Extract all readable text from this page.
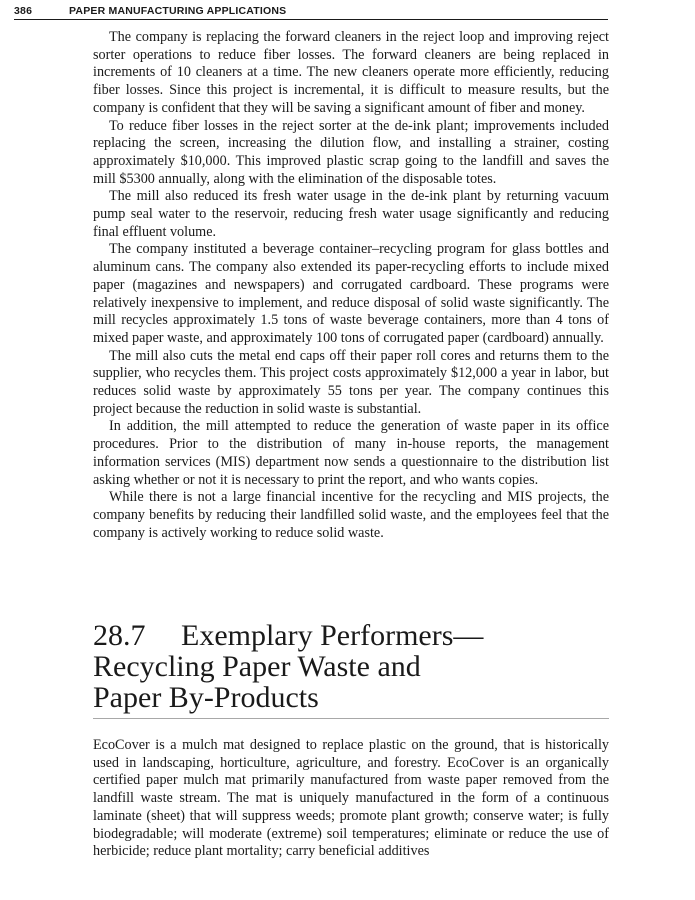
386	PAPER MANUFACTURING APPLICATIONS

The company is replacing the forward cleaners in the reject loop and improving reject sorter operations to reduce fiber losses. The forward cleaners are being replaced in increments of 10 cleaners at a time. The new cleaners operate more efficiently, reducing fiber losses. Since this project is incremental, it is difficult to measure results, but the company is confident that they will be saving a significant amount of fiber and money.

To reduce fiber losses in the reject sorter at the de-ink plant; improvements included replacing the screen, increasing the dilution flow, and installing a strainer, costing approximately $10,000. This improved plastic scrap going to the landfill and saves the mill $5300 annually, along with the elimination of the disposable totes.

The mill also reduced its fresh water usage in the de-ink plant by returning vacuum pump seal water to the reservoir, reducing fresh water usage significantly and reducing final effluent volume.

The company instituted a beverage container–recycling program for glass bottles and aluminum cans. The company also extended its paper-recycling efforts to include mixed paper (magazines and newspapers) and corrugated cardboard. These programs were relatively inexpensive to implement, and reduce disposal of solid waste significantly. The mill recycles approximately 1.5 tons of waste beverage containers, more than 4 tons of mixed paper waste, and approximately 100 tons of corrugated paper (cardboard) annually.

The mill also cuts the metal end caps off their paper roll cores and returns them to the supplier, who recycles them. This project costs approximately $12,000 a year in labor, but reduces solid waste by approximately 55 tons per year. The company continues this project because the reduction in solid waste is substantial.

In addition, the mill attempted to reduce the generation of waste paper in its office procedures. Prior to the distribution of many in-house reports, the management information services (MIS) department now sends a questionnaire to the distribution list asking whether or not it is necessary to print the report, and who wants copies.

While there is not a large financial incentive for the recycling and MIS projects, the company benefits by reducing their landfilled solid waste, and the employees feel that the company is actively working to reduce solid waste.

28.7 Exemplary Performers—
Recycling Paper Waste and
Paper By-Products

EcoCover is a mulch mat designed to replace plastic on the ground, that is historically used in landscaping, horticulture, agriculture, and forestry. EcoCover is an organically certified paper mulch mat primarily manufactured from waste paper removed from the landfill waste stream. The mat is uniquely manufactured in the form of a continuous laminate (sheet) that will suppress weeds; promote plant growth; conserve water; is fully biodegradable; will moderate (extreme) soil temperatures; eliminate or reduce the use of herbicide; reduce plant mortality; carry beneficial additives
